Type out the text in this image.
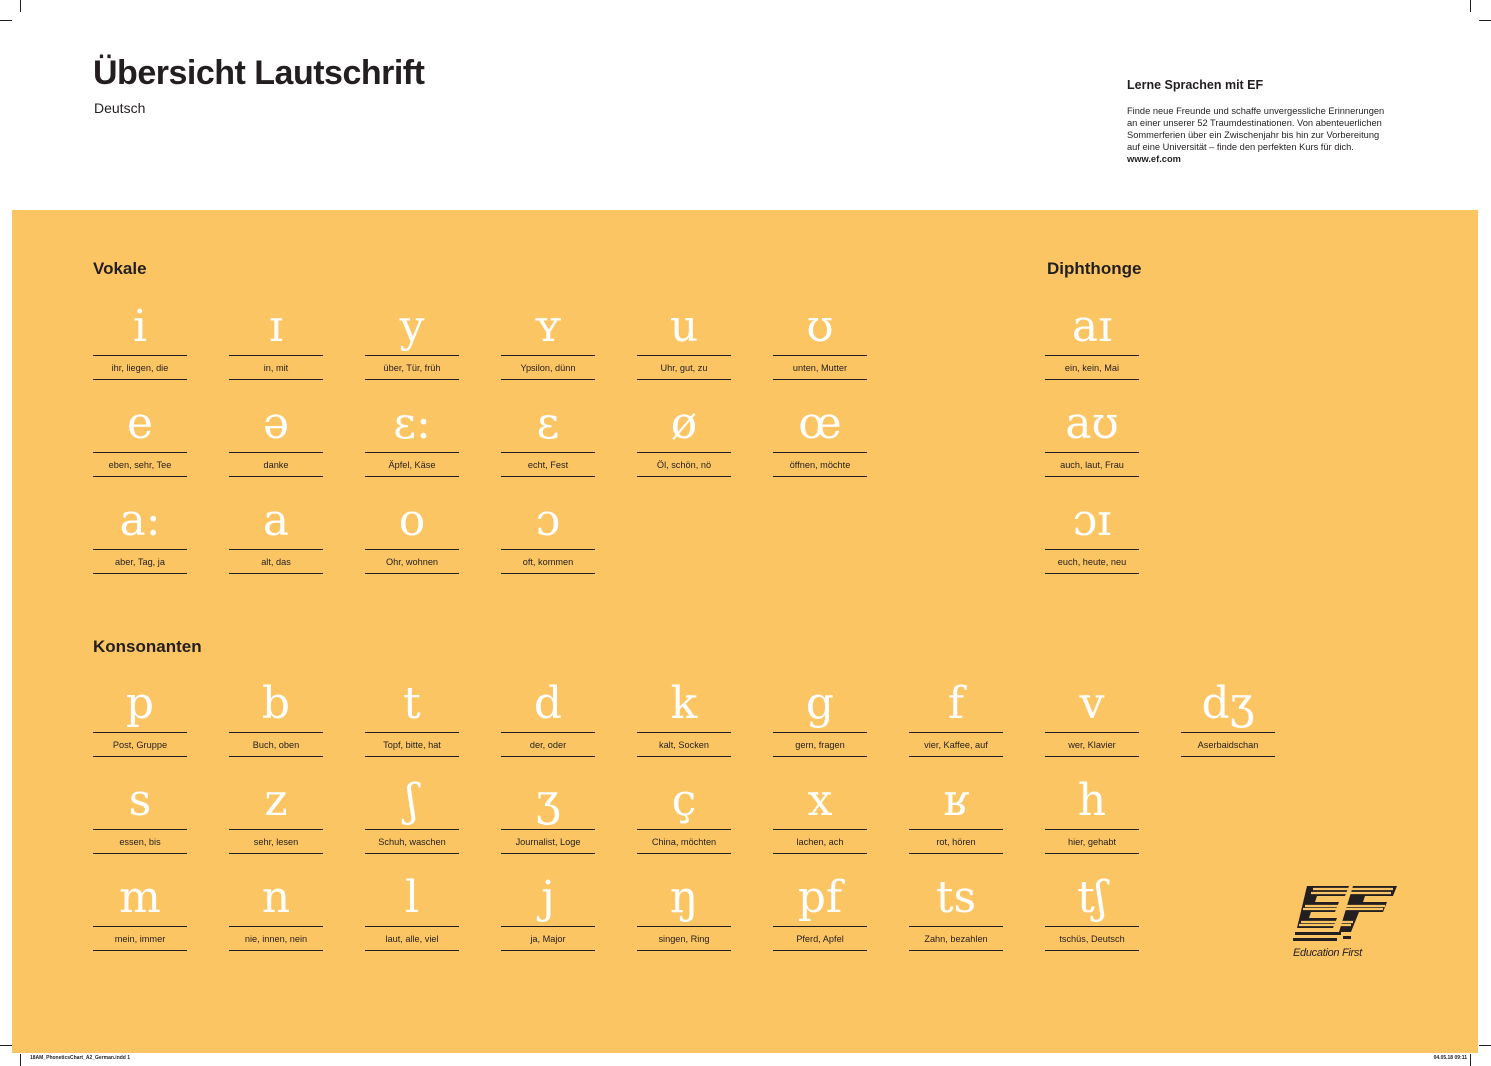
Übersicht Lautschrift
Deutsch
Lerne Sprachen mit EF
Finde neue Freunde und schaffe unvergessliche Erinnerungen an einer unserer 52 Traumdestinationen. Von abenteuerlichen Sommerferien über ein Zwischenjahr bis hin zur Vorbereitung auf eine Universität – finde den perfekten Kurs für dich.
www.ef.com
Vokale	Diphthonge
Konsonanten
i
ihr, liegen, die
ɪ
in, mit
y
über, Tür, früh
ʏ
Ypsilon, dünn
u
Uhr, gut, zu
ʊ
unten, Mutter
e
eben, sehr, Tee
ə
danke
ɛ:
Äpfel, Käse
ɛ
echt, Fest
ø
Öl, schön, nö
œ
öffnen, möchte
a:
aber, Tag, ja
a
alt, das
o
Ohr, wohnen
ɔ
oft, kommen
aɪ
ein, kein, Mai
aʊ
auch, laut, Frau
ɔɪ
euch, heute, neu
p
Post, Gruppe
b
Buch, oben
t
Topf, bitte, hat
d
der, oder
k
kalt, Socken
g
gern, fragen
f
vier, Kaffee, auf
v
wer, Klavier
dʒ
Aserbaidschan
s
essen, bis
z
sehr, lesen
ʃ
Schuh, waschen
ʒ
Journalist, Loge
ç
China, möchten
x
lachen, ach
ʁ
rot, hören
h
hier, gehabt
m
mein, immer
n
nie, innen, nein
l
laut, alle, viel
j
ja, Major
ŋ
singen, Ring
pf
Pferd, Apfel
ts
Zahn, bezahlen
tʃ
tschüs, Deutsch
Education First
18AM_PhoneticsChart_A2_German.indd 1	04.05.18 09:11
